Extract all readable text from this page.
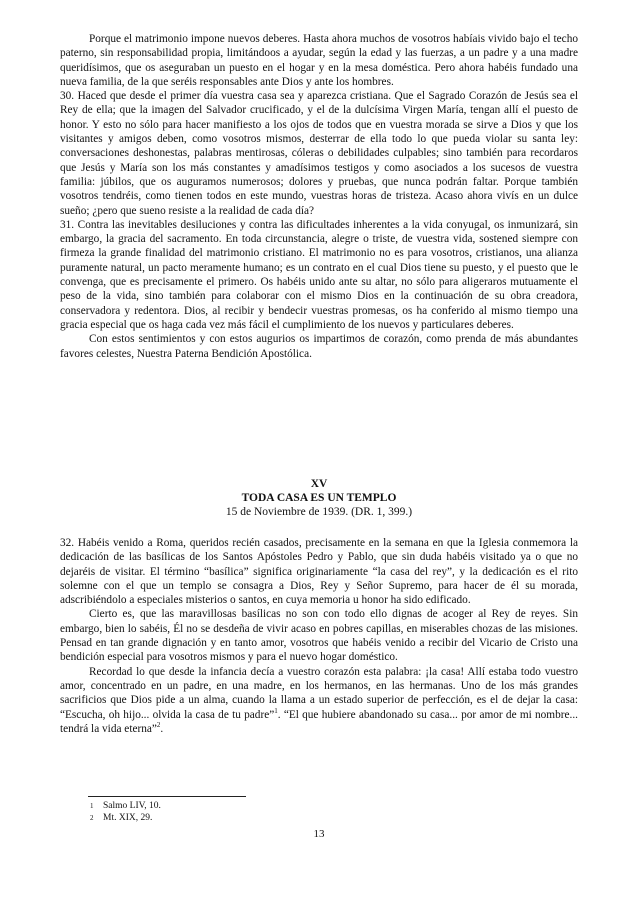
Porque el matrimonio impone nuevos deberes. Hasta ahora muchos de vosotros habíais vivido bajo el techo paterno, sin responsabilidad propia, limitándoos a ayudar, según la edad y las fuerzas, a un padre y a una madre queridísimos, que os aseguraban un puesto en el hogar y en la mesa doméstica. Pero ahora habéis fundado una nueva familia, de la que seréis responsables ante Dios y ante los hombres.

30. Haced que desde el primer día vuestra casa sea y aparezca cristiana. Que el Sagrado Corazón de Jesús sea el Rey de ella; que la imagen del Salvador crucificado, y el de la dulcísima Virgen María, tengan allí el puesto de honor. Y esto no sólo para hacer manifiesto a los ojos de todos que en vuestra morada se sirve a Dios y que los visitantes y amigos deben, como vosotros mismos, desterrar de ella todo lo que pueda violar su santa ley: conversaciones deshonestas, palabras mentirosas, cóleras o debilidades culpables; sino también para recordaros que Jesús y María son los más constantes y amadísimos testigos y como asociados a los sucesos de vuestra familia: júbilos, que os auguramos numerosos; dolores y pruebas, que nunca podrán faltar. Porque también vosotros tendréis, como tienen todos en este mundo, vuestras horas de tristeza. Acaso ahora vivís en un dulce sueño; ¿pero que sueno resiste a la realidad de cada día?

31. Contra las inevitables desiluciones y contra las dificultades inherentes a la vida conyugal, os inmunizará, sin embargo, la gracia del sacramento. En toda circunstancia, alegre o triste, de vuestra vida, sostened siempre con firmeza la grande finalidad del matrimonio cristiano. El matrimonio no es para vosotros, cristianos, una alianza puramente natural, un pacto meramente humano; es un contrato en el cual Dios tiene su puesto, y el puesto que le convenga, que es precisamente el primero. Os habéis unido ante su altar, no sólo para aligeraros mutuamente el peso de la vida, sino también para colaborar con el mismo Dios en la continuación de su obra creadora, conservadora y redentora. Dios, al recibir y bendecir vuestras promesas, os ha conferido al mismo tiempo una gracia especial que os haga cada vez más fácil el cumplimiento de los nuevos y particulares deberes.

Con estos sentimientos y con estos augurios os impartimos de corazón, como prenda de más abundantes favores celestes, Nuestra Paterna Bendición Apostólica.

XV
TODA CASA ES UN TEMPLO
15 de Noviembre de 1939. (DR. 1, 399.)

32. Habéis venido a Roma, queridos recién casados, precisamente en la semana en que la Iglesia conmemora la dedicación de las basílicas de los Santos Apóstoles Pedro y Pablo, que sin duda habéis visitado ya o que no dejaréis de visitar. El término “basílica” significa originariamente “la casa del rey”, y la dedicación es el rito solemne con el que un templo se consagra a Dios, Rey y Señor Supremo, para hacer de él su morada, adscribiéndolo a especiales misterios o santos, en cuya memoria u honor ha sido edificado.

Cierto es, que las maravillosas basílicas no son con todo ello dignas de acoger al Rey de reyes. Sin embargo, bien lo sabéis, Él no se desdeña de vivir acaso en pobres capillas, en miserables chozas de las misiones. Pensad en tan grande dignación y en tanto amor, vosotros que habéis venido a recibir del Vicario de Cristo una bendición especial para vosotros mismos y para el nuevo hogar doméstico.

Recordad lo que desde la infancia decía a vuestro corazón esta palabra: ¡la casa! Allí estaba todo vuestro amor, concentrado en un padre, en una madre, en los hermanos, en las hermanas. Uno de los más grandes sacrificios que Dios pide a un alma, cuando la llama a un estado superior de perfección, es el de dejar la casa: “Escucha, oh hijo... olvida la casa de tu padre”$^1$. “El que hubiere abandonado su casa... por amor de mi nombre... tendrá la vida eterna”$^2$.

1 Salmo LIV, 10.
2 Mt. XIX, 29.
13
